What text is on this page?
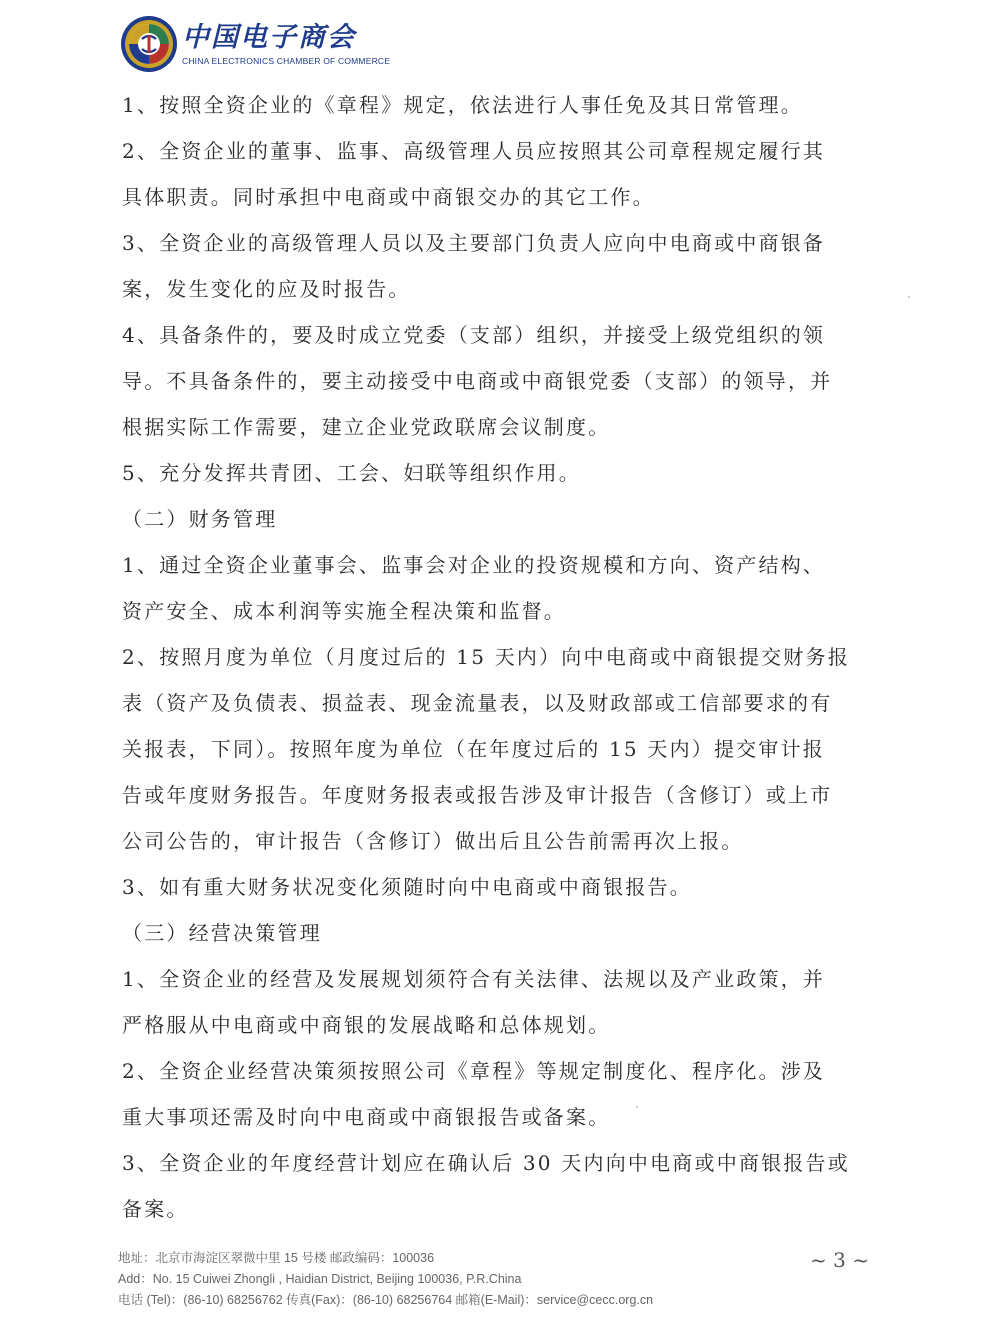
中国电子商会
CHINA ELECTRONICS CHAMBER OF COMMERCE
1、按照全资企业的《章程》规定，依法进行人事任免及其日常管理。
2、全资企业的董事、监事、高级管理人员应按照其公司章程规定履行其
具体职责。同时承担中电商或中商银交办的其它工作。
3、全资企业的高级管理人员以及主要部门负责人应向中电商或中商银备
案，发生变化的应及时报告。
4、具备条件的，要及时成立党委（支部）组织，并接受上级党组织的领
导。不具备条件的，要主动接受中电商或中商银党委（支部）的领导，并
根据实际工作需要，建立企业党政联席会议制度。
5、充分发挥共青团、工会、妇联等组织作用。
（二）财务管理
1、通过全资企业董事会、监事会对企业的投资规模和方向、资产结构、
资产安全、成本利润等实施全程决策和监督。
2、按照月度为单位（月度过后的 15 天内）向中电商或中商银提交财务报
表（资产及负债表、损益表、现金流量表，以及财政部或工信部要求的有
关报表，下同）。按照年度为单位（在年度过后的 15 天内）提交审计报
告或年度财务报告。年度财务报表或报告涉及审计报告（含修订）或上市
公司公告的，审计报告（含修订）做出后且公告前需再次上报。
3、如有重大财务状况变化须随时向中电商或中商银报告。
（三）经营决策管理
1、全资企业的经营及发展规划须符合有关法律、法规以及产业政策，并
严格服从中电商或中商银的发展战略和总体规划。
2、全资企业经营决策须按照公司《章程》等规定制度化、程序化。涉及
重大事项还需及时向中电商或中商银报告或备案。
3、全资企业的年度经营计划应在确认后 30 天内向中电商或中商银报告或
备案。
地址：北京市海淀区翠微中里 15 号楼 邮政编码：100036
Add：No. 15 Cuiwei Zhongli , Haidian District, Beijing 100036, P.R.China
电话 (Tel)：(86-10) 68256762 传真(Fax)：(86-10) 68256764 邮箱(E-Mail)：service@cecc.org.cn
~ 3 ~
